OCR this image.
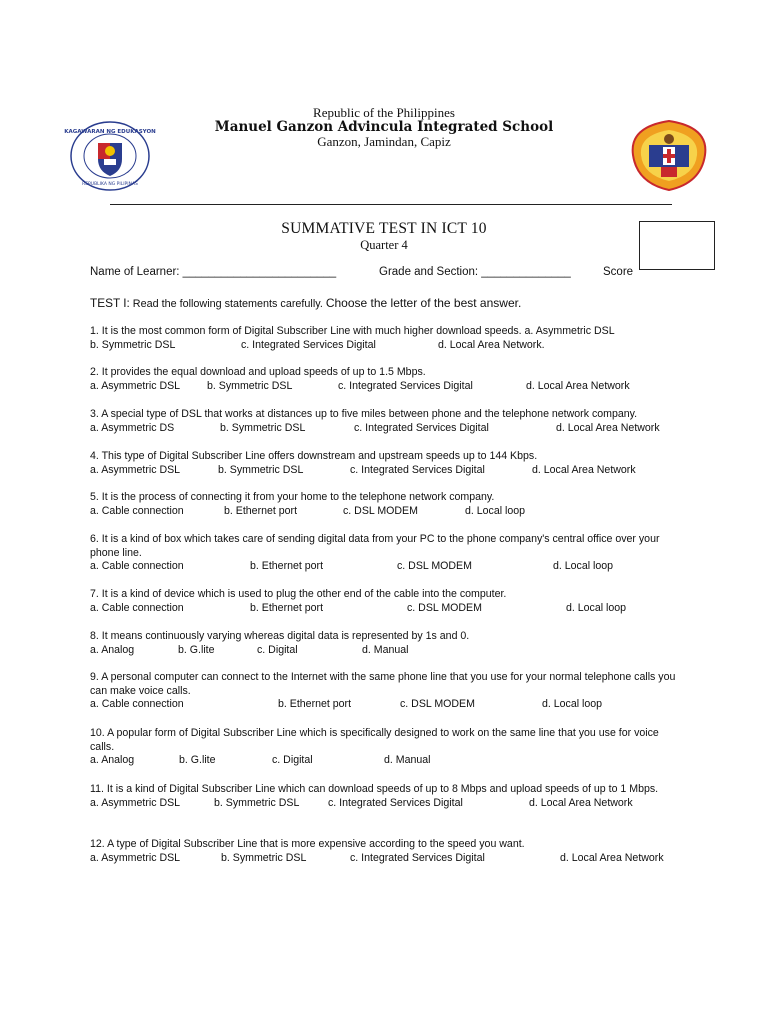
KAGAWARAN NG EDUKASYON
REPUBLIKA NG PILIPINAS
Republic of the Philippines
Manuel Ganzon Advincula Integrated School
Ganzon, Jamindan, Capiz
SUMMATIVE TEST IN ICT 10
Quarter 4
Name of Learner: ________________________	Grade and Section: ______________	Score
TEST I: Read the following statements carefully. Choose the letter of the best answer.
1. It is the most common form of Digital Subscriber Line with much higher download speeds. a. Asymmetric DSL
b. Symmetric DSL	c. Integrated Services Digital	d. Local Area Network.
2. It provides the equal download and upload speeds of up to 1.5 Mbps.
a. Asymmetric DSL	b. Symmetric DSL	c. Integrated Services Digital	d. Local Area Network
3. A special type of DSL that works at distances up to five miles between phone and the telephone network company.
a. Asymmetric DS	b. Symmetric DSL	c. Integrated Services Digital	d. Local Area Network
4. This type of Digital Subscriber Line offers downstream and upstream speeds up to 144 Kbps.
a. Asymmetric DSL	b. Symmetric DSL	c. Integrated Services Digital	d. Local Area Network
5. It is the process of connecting it from your home to the telephone network company.
a. Cable connection	b. Ethernet port	c. DSL MODEM	d. Local loop
6. It is a kind of box which takes care of sending digital data from your PC to the phone company's central office over your phone line.
a. Cable connection	b. Ethernet port	c. DSL MODEM	d. Local loop
7. It is a kind of device which is used to plug the other end of the cable into the computer.
a. Cable connection	b. Ethernet port	c. DSL MODEM	d. Local loop
8. It means continuously varying whereas digital data is represented by 1s and 0.
a. Analog	b. G.lite	c. Digital	d. Manual
9. A personal computer can connect to the Internet with the same phone line that you use for your normal telephone calls you can make voice calls.
a. Cable connection	b. Ethernet port	c. DSL MODEM	d. Local loop
10. A popular form of Digital Subscriber Line which is specifically designed to work on the same line that you use for voice calls.
a. Analog	b. G.lite	c. Digital	d. Manual
11. It is a kind of Digital Subscriber Line which can download speeds of up to 8 Mbps and upload speeds of up to 1 Mbps.
a. Asymmetric DSL	b. Symmetric DSL	c. Integrated Services Digital	d. Local Area Network
12. A type of Digital Subscriber Line that is more expensive according to the speed you want.
a. Asymmetric DSL	b. Symmetric DSL	c. Integrated Services Digital	d. Local Area Network
